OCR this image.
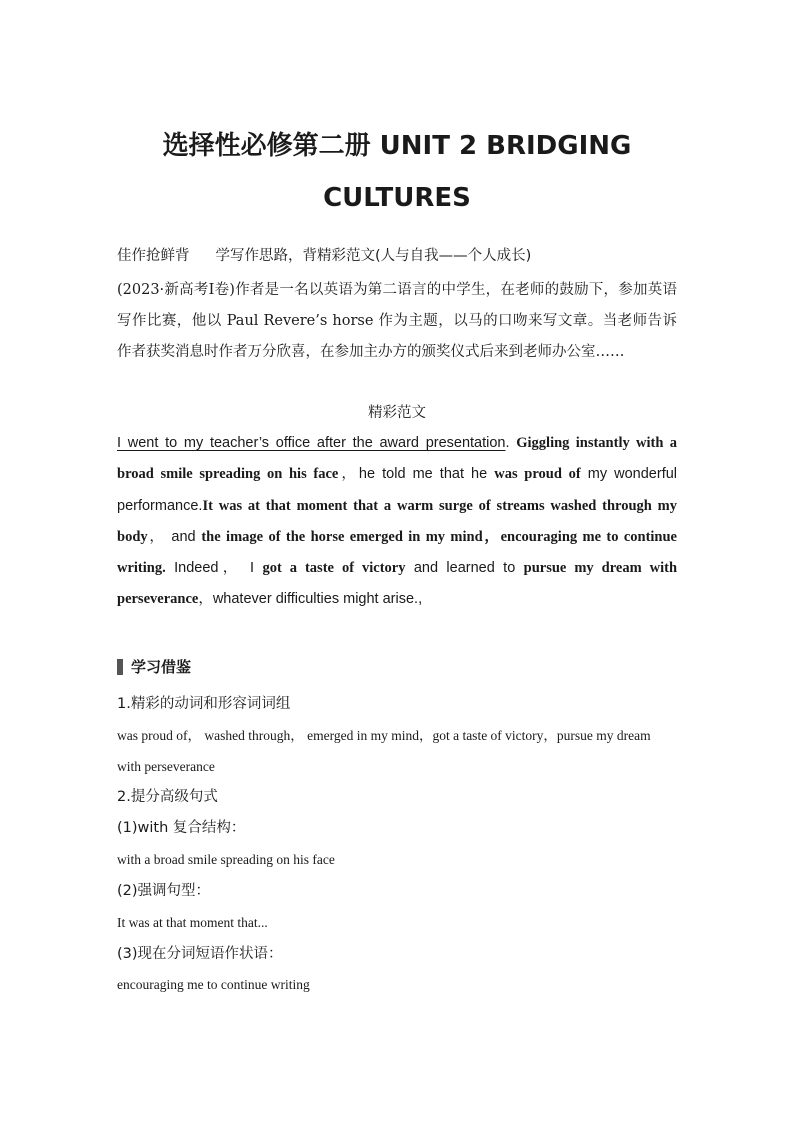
选择性必修第二册 UNIT 2 BRIDGING
CULTURES
佳作抢鲜背 学写作思路，背精彩范文(人与自我——个人成长)
(2023·新高考Ⅰ卷)作者是一名以英语为第二语言的中学生，在老师的鼓励下，参加英语写作比赛，他以 Paul Revere’s horse 作为主题，以马的口吻来写文章。当老师告诉作者获奖消息时作者万分欣喜，在参加主办方的颁奖仪式后来到老师办公室……
精彩范文
I went to my teacher’s office after the award presentation. Giggling instantly with a broad smile spreading on his face，he told me that he was proud of my wonderful performance.It was at that moment that a warm surge of streams washed through my body， and the image of the horse emerged in my mind，encouraging me to continue writing. Indeed， I got a taste of victory and learned to pursue my dream with perseverance，whatever difficulties might arise.,
学习借鉴
1.精彩的动词和形容词词组
was proud of， washed through， emerged in my mind，got a taste of victory，pursue my dream with perseverance
2.提分高级句式
(1)with 复合结构：
with a broad smile spreading on his face
(2)强调句型：
It was at that moment that...
(3)现在分词短语作状语：
encouraging me to continue writing
